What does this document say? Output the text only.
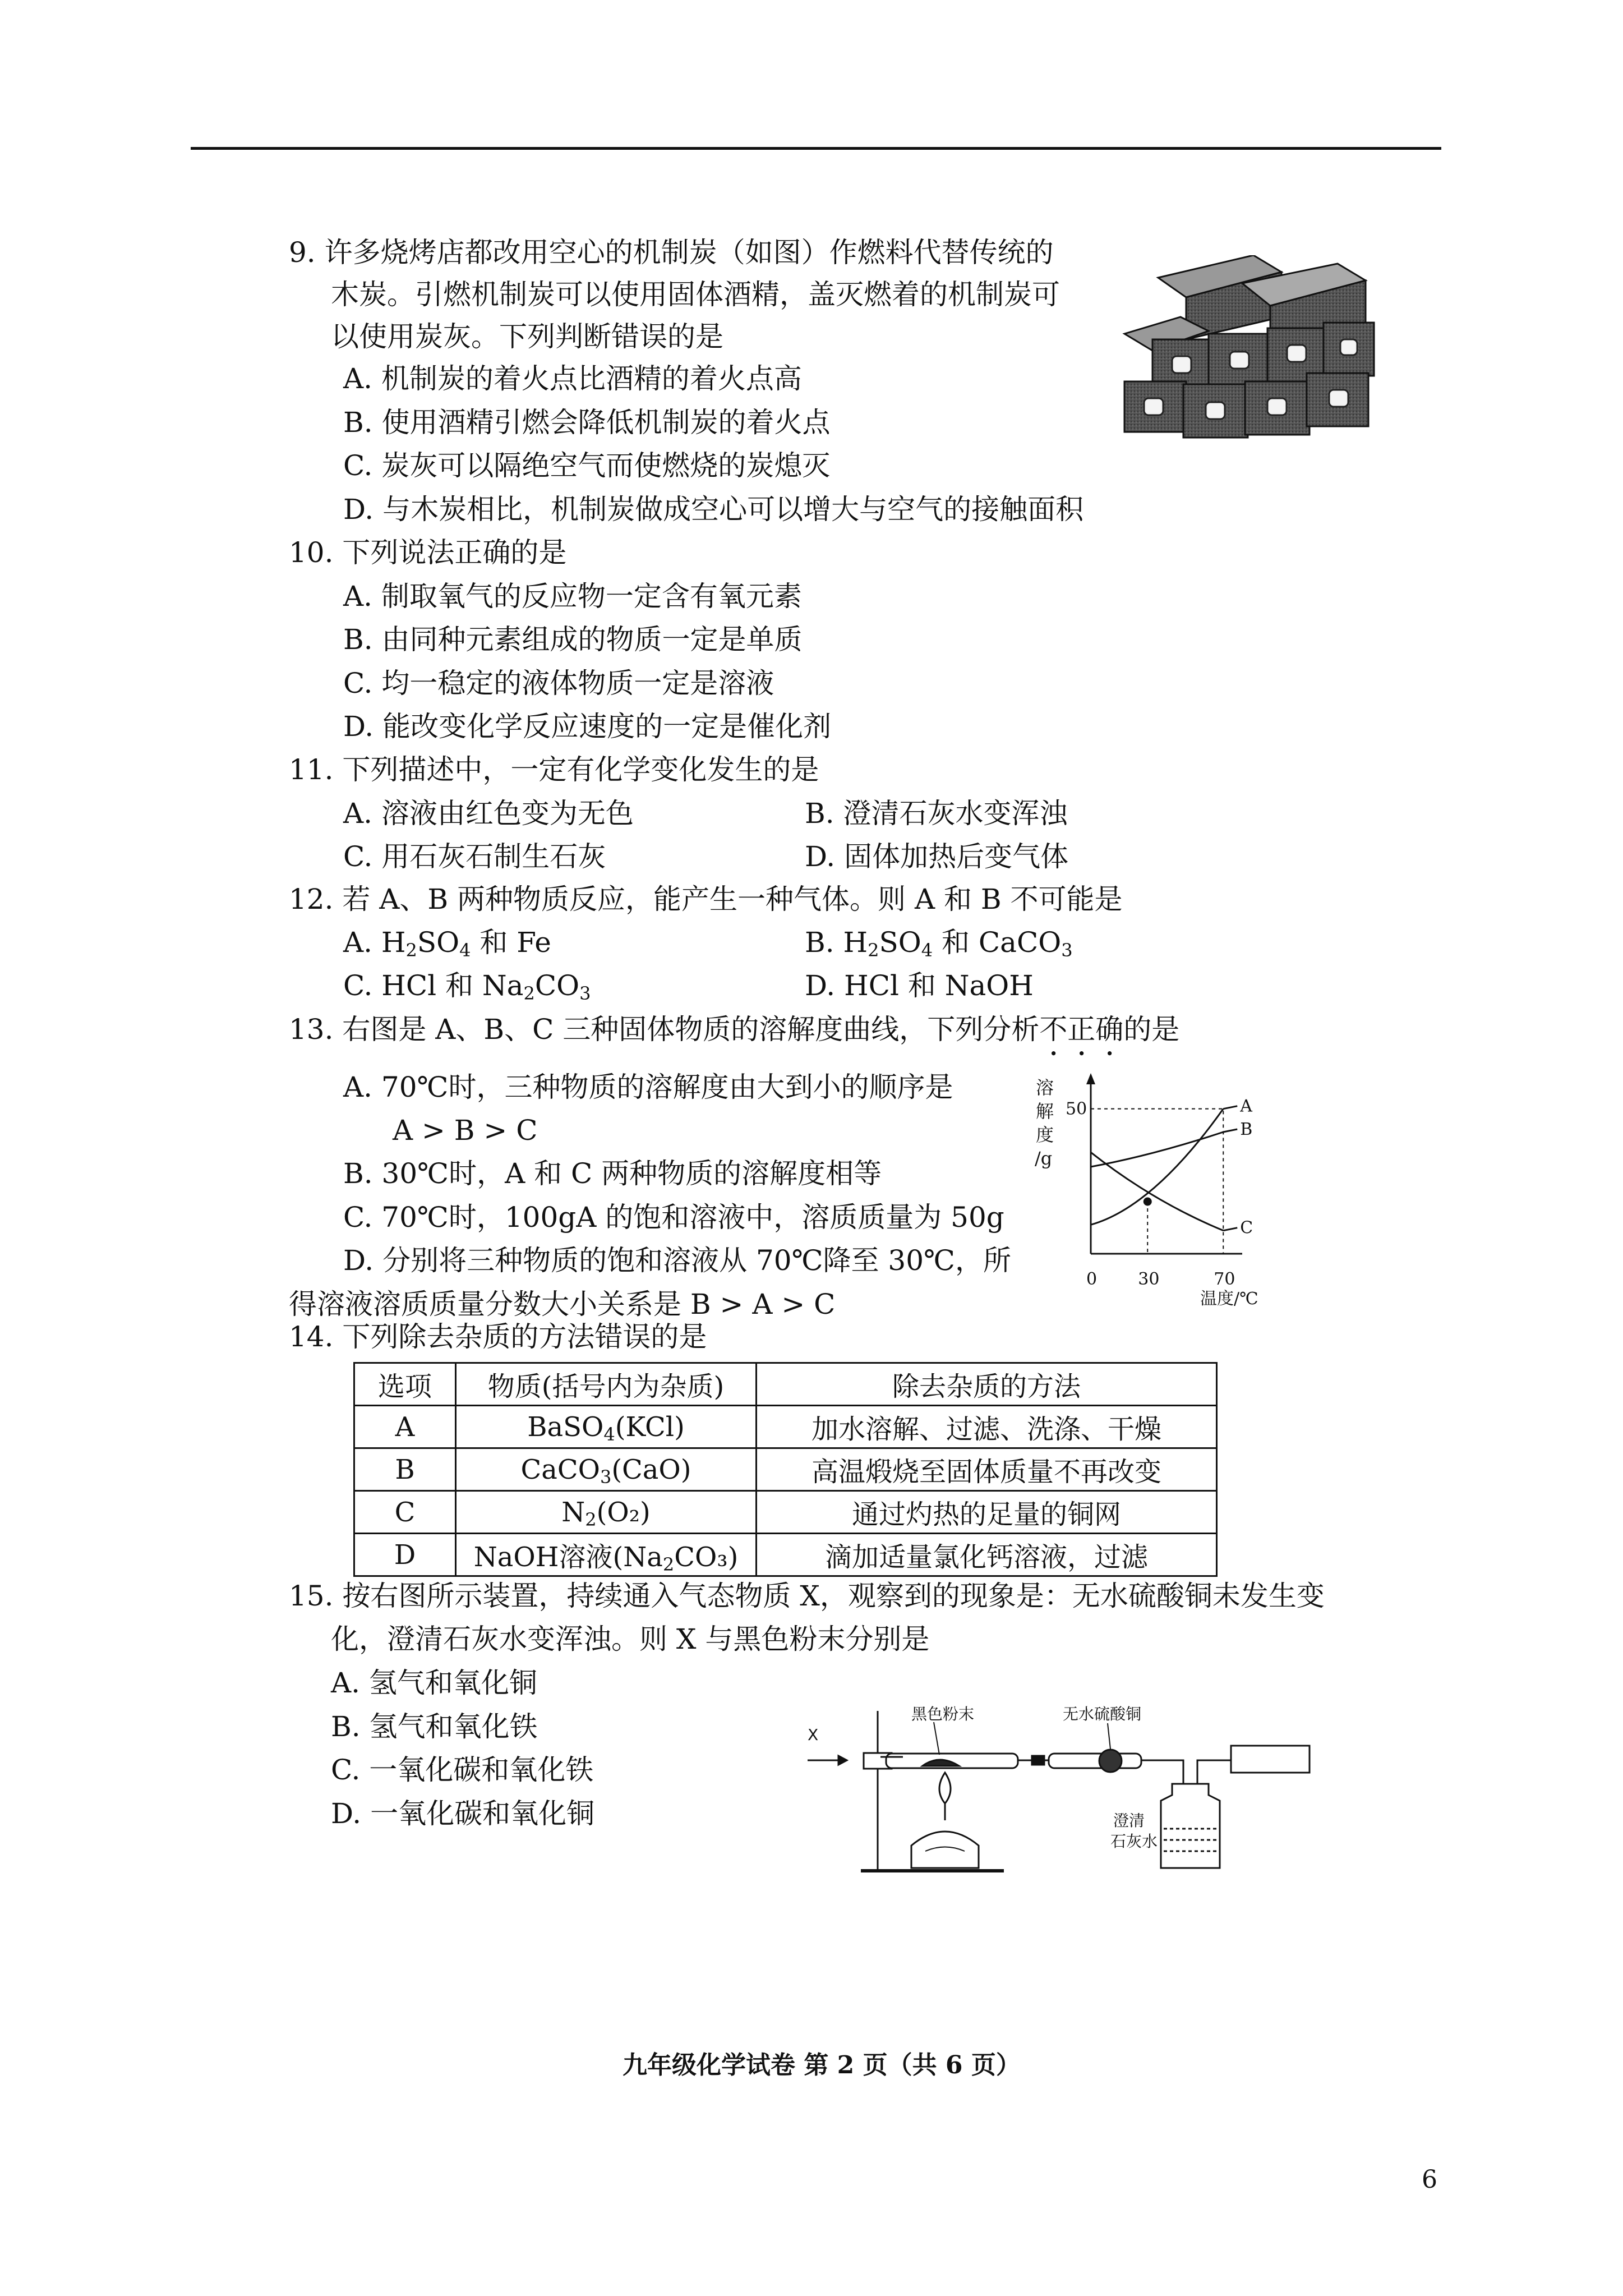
9. 许多烧烤店都改用空心的机制炭（如图）作燃料代替传统的
木炭。引燃机制炭可以使用固体酒精，盖灭燃着的机制炭可
以使用炭灰。下列判断错误的是
A. 机制炭的着火点比酒精的着火点高
B. 使用酒精引燃会降低机制炭的着火点
C. 炭灰可以隔绝空气而使燃烧的炭熄灭
D. 与木炭相比，机制炭做成空心可以增大与空气的接触面积
10. 下列说法正确的是
A. 制取氧气的反应物一定含有氧元素
B. 由同种元素组成的物质一定是单质
C. 均一稳定的液体物质一定是溶液
D. 能改变化学反应速度的一定是催化剂
11. 下列描述中，一定有化学变化发生的是
A. 溶液由红色变为无色	B. 澄清石灰水变浑浊
C. 用石灰石制生石灰	D. 固体加热后变气体
12. 若 A、B 两种物质反应，能产生一种气体。则 A 和 B 不可能是
A. $H_2SO_4$ 和 Fe	B. $H_2SO_4$ 和 CaCO$_3$
C. HCl 和 $Na_2CO_3$	D. HCl 和 NaOH
13. 右图是 A、B、C 三种固体物质的溶解度曲线，下列分析不正确的是
A. 70℃时，三种物质的溶解度由大到小的顺序是
A > B > C
B. 30℃时，A 和 C 两种物质的溶解度相等
C. 70℃时，100gA 的饱和溶液中，溶质质量为 50g
D. 分别将三种物质的饱和溶液从 70℃降至 30℃，所
得溶液溶质质量分数大小关系是 B > A > C
溶
解
度
/g
A
B
C
0 30	70
50
温度/℃
14. 下列除去杂质的方法错误的是
选项	物质(括号内为杂质)	除去杂质的方法
A	BaSO$_4$(KCl)	加水溶解、过滤、洗涤、干燥
B	CaCO$_3$(CaO)	高温煅烧至固体质量不再改变
C	$N_2(O_2)$	通过灼热的足量的铜网
D	NaOH溶液$(Na_2CO_3)$	滴加适量氯化钙溶液，过滤
15. 按右图所示装置，持续通入气态物质 X，观察到的现象是：无水硫酸铜未发生变
化，澄清石灰水变浑浊。则 X 与黑色粉末分别是
A. 氢气和氧化铜
B. 氢气和氧化铁
C. 一氧化碳和氧化铁
D. 一氧化碳和氧化铜
X
黑色粉末	无水硫酸铜
澄清
石灰水
九年级化学试卷 第 2 页（共 6 页）
6
